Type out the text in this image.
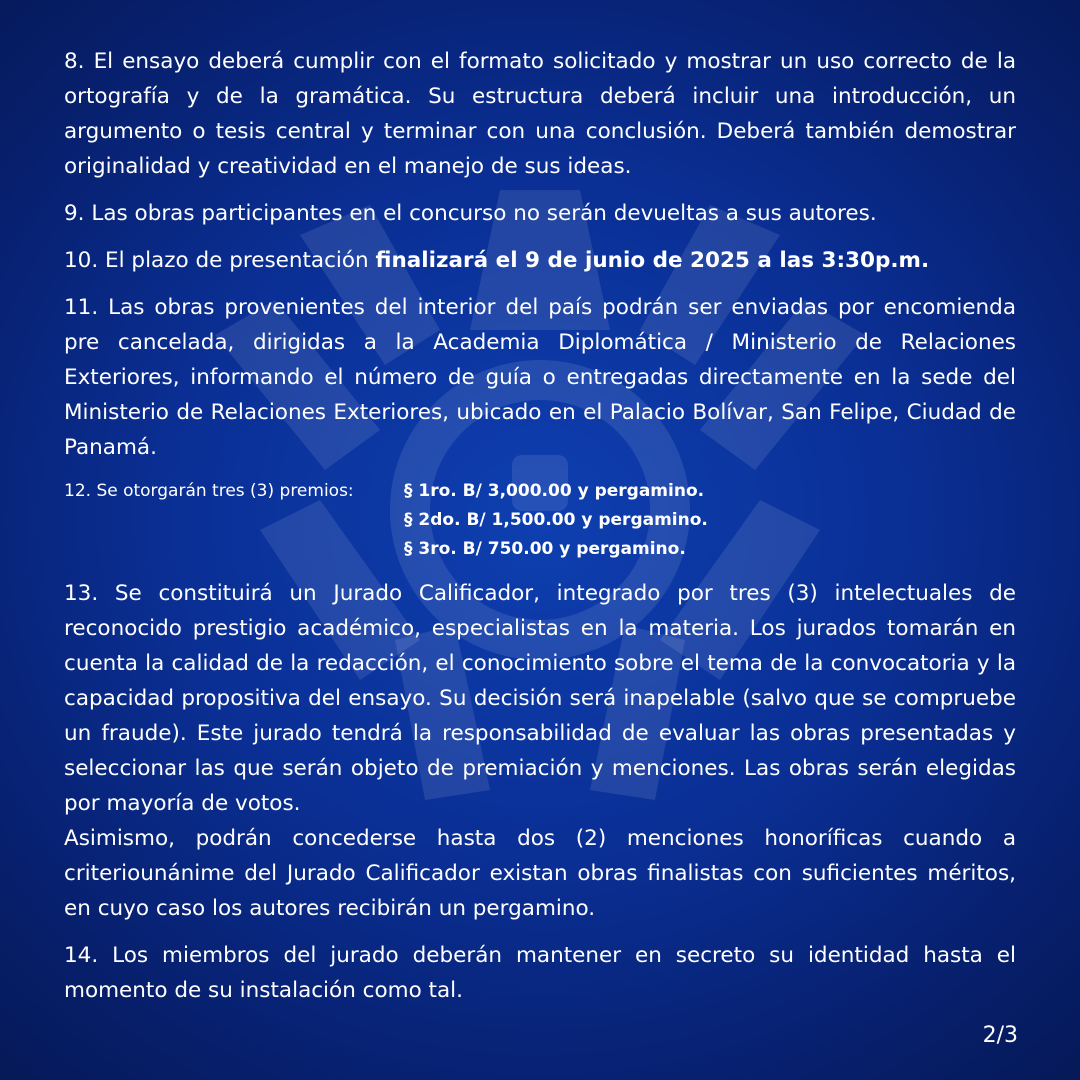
8. El ensayo deberá cumplir con el formato solicitado y mostrar un uso correcto de la ortografía y de la gramática. Su estructura deberá incluir una introducción, un argumento o tesis central y terminar con una conclusión. Deberá también demostrar originalidad y creatividad en el manejo de sus ideas.

9. Las obras participantes en el concurso no serán devueltas a sus autores.

10. El plazo de presentación finalizará el 9 de junio de 2025 a las 3:30p.m.

11. Las obras provenientes del interior del país podrán ser enviadas por encomienda pre cancelada, dirigidas a la Academia Diplomática / Ministerio de Relaciones Exteriores, informando el número de guía o entregadas directamente en la sede del Ministerio de Relaciones Exteriores, ubicado en el Palacio Bolívar, San Felipe, Ciudad de Panamá.

12. Se otorgarán tres (3) premios:	§ 1ro. B/ 3,000.00 y pergamino.
§ 2do. B/ 1,500.00 y pergamino.
§ 3ro. B/ 750.00 y pergamino.

13. Se constituirá un Jurado Calificador, integrado por tres (3) intelectuales de reconocido prestigio académico, especialistas en la materia. Los jurados tomarán en cuenta la calidad de la redacción, el conocimiento sobre el tema de la convocatoria y la capacidad propositiva del ensayo. Su decisión será inapelable (salvo que se compruebe un fraude). Este jurado tendrá la responsabilidad de evaluar las obras presentadas y seleccionar las que serán objeto de premiación y menciones. Las obras serán elegidas por mayoría de votos.

Asimismo, podrán concederse hasta dos (2) menciones honoríficas cuando a criteriounánime del Jurado Calificador existan obras finalistas con suficientes méritos, en cuyo caso los autores recibirán un pergamino.

14. Los miembros del jurado deberán mantener en secreto su identidad hasta el momento de su instalación como tal.

2/3
